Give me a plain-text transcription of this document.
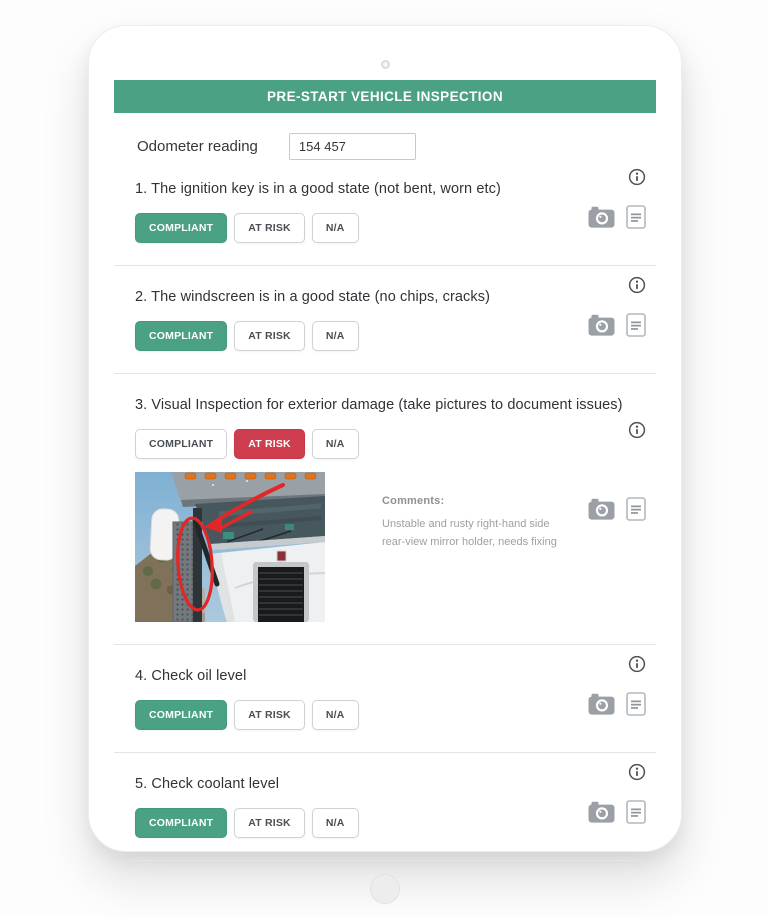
PRE-START VEHICLE INSPECTION
Odometer reading
154 457
1. The ignition key is in a good state (not bent, worn etc)
COMPLIANT	AT RISK	N/A
2. The windscreen is in a good state (no chips, cracks)
COMPLIANT	AT RISK	N/A
3. Visual Inspection for exterior damage (take pictures to document issues)
COMPLIANT	AT RISK	N/A
Comments:
Unstable and rusty right-hand side rear-view mirror holder, needs fixing
4. Check oil level
COMPLIANT	AT RISK	N/A
5. Check coolant level
COMPLIANT	AT RISK	N/A
